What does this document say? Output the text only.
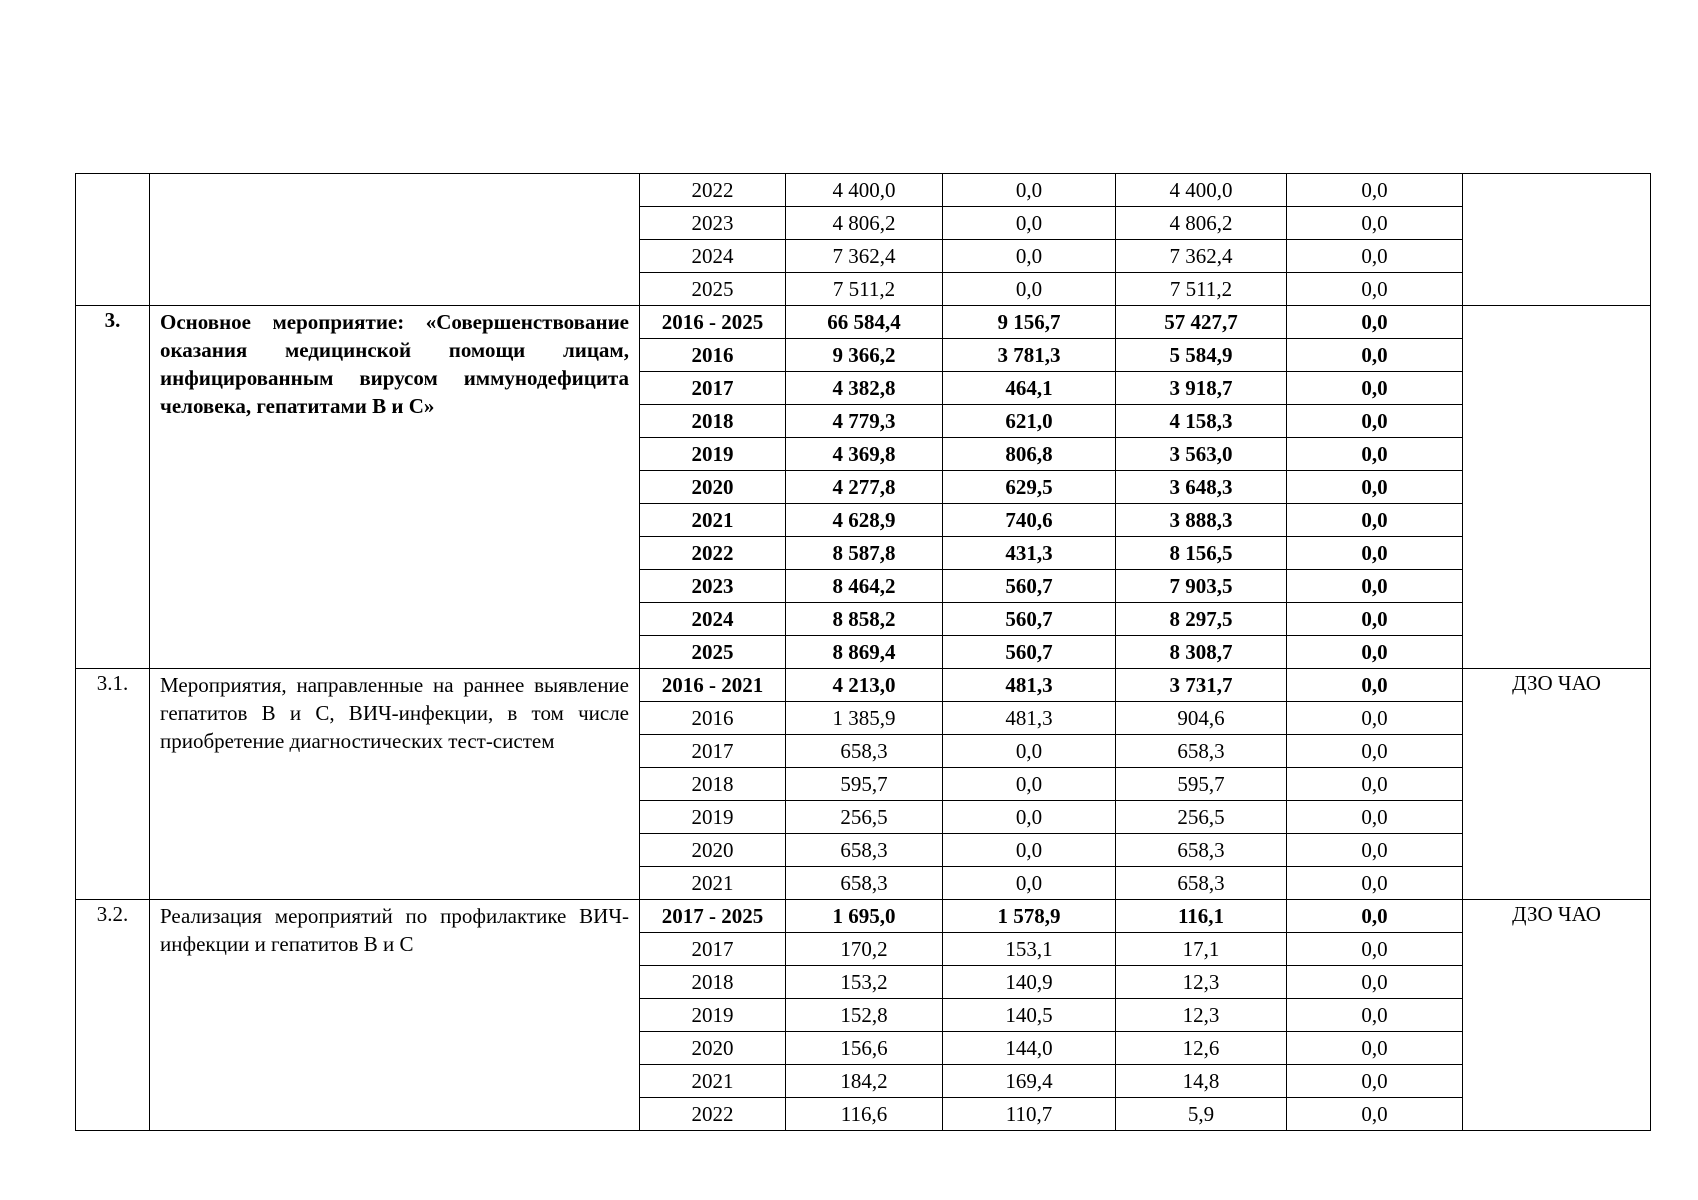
		2022	4 400,0	0,0	4 400,0	0,0	
		2023	4 806,2	0,0	4 806,2	0,0	
		2024	7 362,4	0,0	7 362,4	0,0	
		2025	7 511,2	0,0	7 511,2	0,0	
3.	Основное мероприятие: «Совершенствование оказания медицинской помощи лицам, инфицированным вирусом иммунодефицита человека, гепатитами В и С»	2016 - 2025	66 584,4	9 156,7	57 427,7	0,0	
		2016	9 366,2	3 781,3	5 584,9	0,0	
		2017	4 382,8	464,1	3 918,7	0,0	
		2018	4 779,3	621,0	4 158,3	0,0	
		2019	4 369,8	806,8	3 563,0	0,0	
		2020	4 277,8	629,5	3 648,3	0,0	
		2021	4 628,9	740,6	3 888,3	0,0	
		2022	8 587,8	431,3	8 156,5	0,0	
		2023	8 464,2	560,7	7 903,5	0,0	
		2024	8 858,2	560,7	8 297,5	0,0	
		2025	8 869,4	560,7	8 308,7	0,0	
3.1.	Мероприятия, направленные на раннее выявление гепатитов В и С, ВИЧ-инфекции, в том числе приобретение диагностических тест-систем	2016 - 2021	4 213,0	481,3	3 731,7	0,0	ДЗО ЧАО
		2016	1 385,9	481,3	904,6	0,0	
		2017	658,3	0,0	658,3	0,0	
		2018	595,7	0,0	595,7	0,0	
		2019	256,5	0,0	256,5	0,0	
		2020	658,3	0,0	658,3	0,0	
		2021	658,3	0,0	658,3	0,0	
3.2.	Реализация мероприятий по профилактике ВИЧ-инфекции и гепатитов В и С	2017 - 2025	1 695,0	1 578,9	116,1	0,0	ДЗО ЧАО
		2017	170,2	153,1	17,1	0,0	
		2018	153,2	140,9	12,3	0,0	
		2019	152,8	140,5	12,3	0,0	
		2020	156,6	144,0	12,6	0,0	
		2021	184,2	169,4	14,8	0,0	
		2022	116,6	110,7	5,9	0,0	
